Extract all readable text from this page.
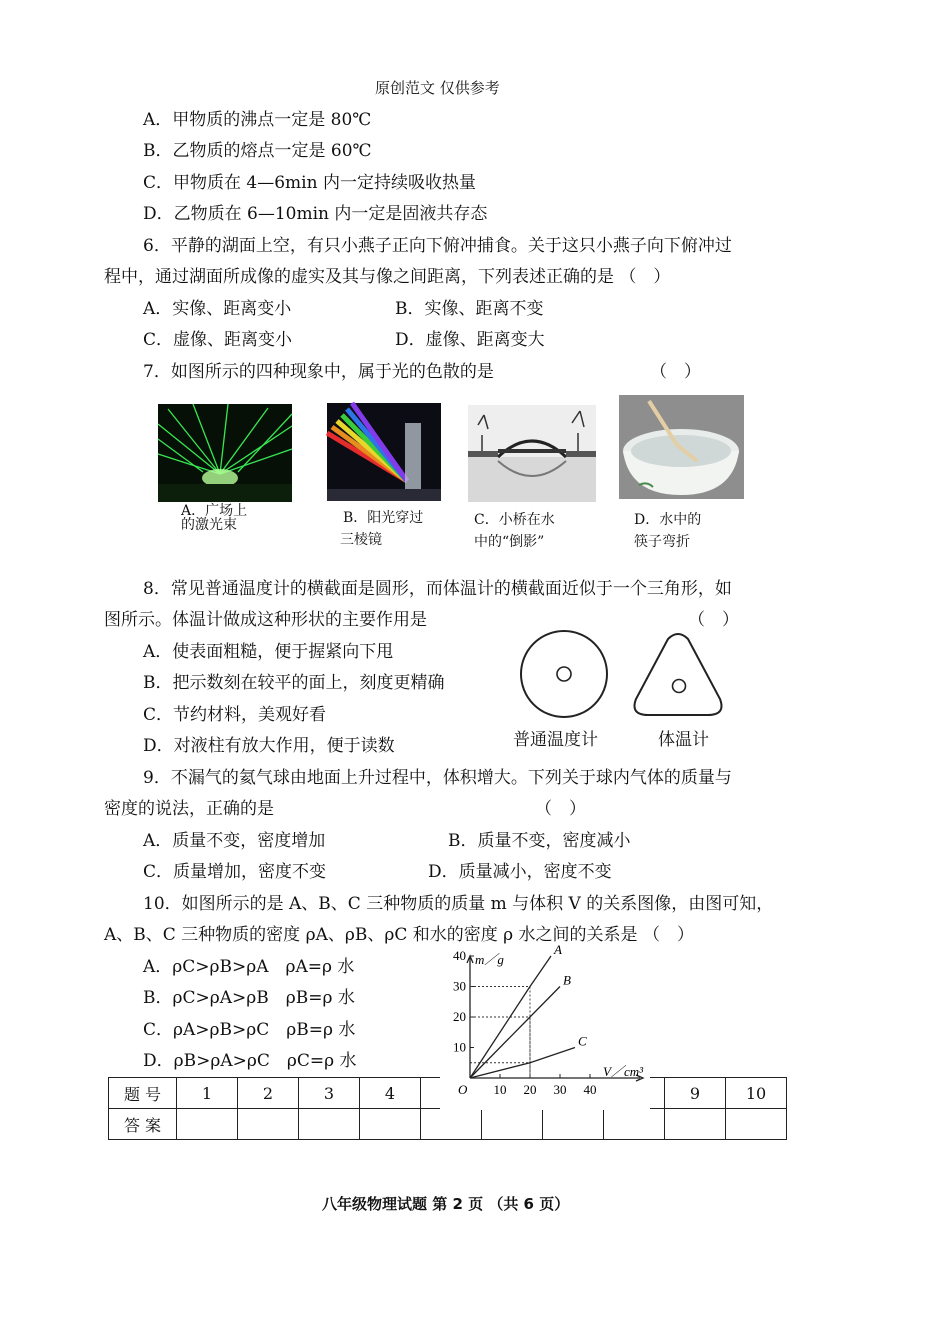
原创范文 仅供参考
A．甲物质的沸点一定是 80℃
B．乙物质的熔点一定是 60℃
C．甲物质在 4—6min 内一定持续吸收热量
D．乙物质在 6—10min 内一定是固液共存态
6．平静的湖面上空，有只小燕子正向下俯冲捕食。关于这只小燕子向下俯冲过
程中，通过湖面所成像的虚实及其与像之间距离，下列表述正确的是 （　）
A．实像、距离变小	B．实像、距离不变
C．虚像、距离变小	D．虚像、距离变大
7．如图所示的四种现象中，属于光的色散的是	（　）
A．广场上
的激光束	B．阳光穿过
三棱镜
C．小桥在水
中的“倒影”
D．水中的
筷子弯折
8．常见普通温度计的横截面是圆形，而体温计的横截面近似于一个三角形，如
图所示。体温计做成这种形状的主要作用是	（　）
A．使表面粗糙，便于握紧向下甩
B．把示数刻在较平的面上，刻度更精确
C．节约材料，美观好看
D．对液柱有放大作用，便于读数	普通温度计	体温计
9．不漏气的氦气球由地面上升过程中，体积增大。下列关于球内气体的质量与
密度的说法，正确的是	（　）
A．质量不变，密度增加	B．质量不变，密度减小
C．质量增加，密度不变	D．质量减小，密度不变
10．如图所示的是 A、B、C 三种物质的质量 m 与体积 V 的关系图像，由图可知，
A、B、C 三种物质的密度 ρA、ρB、ρC 和水的密度 ρ 水之间的关系是 （　）
A．ρC>ρB>ρA　ρA=ρ 水
B．ρC>ρA>ρB　ρB=ρ 水
C．ρA>ρB>ρC　ρB=ρ 水
D．ρB>ρA>ρC　ρC=ρ 水
题 号	1	2	3	4					9	10
答 案										
10
20
30
40
10 20 30 40
O
m／g
V／cm³
A
B
C
八年级物理试题 第 2 页 （共 6 页）
